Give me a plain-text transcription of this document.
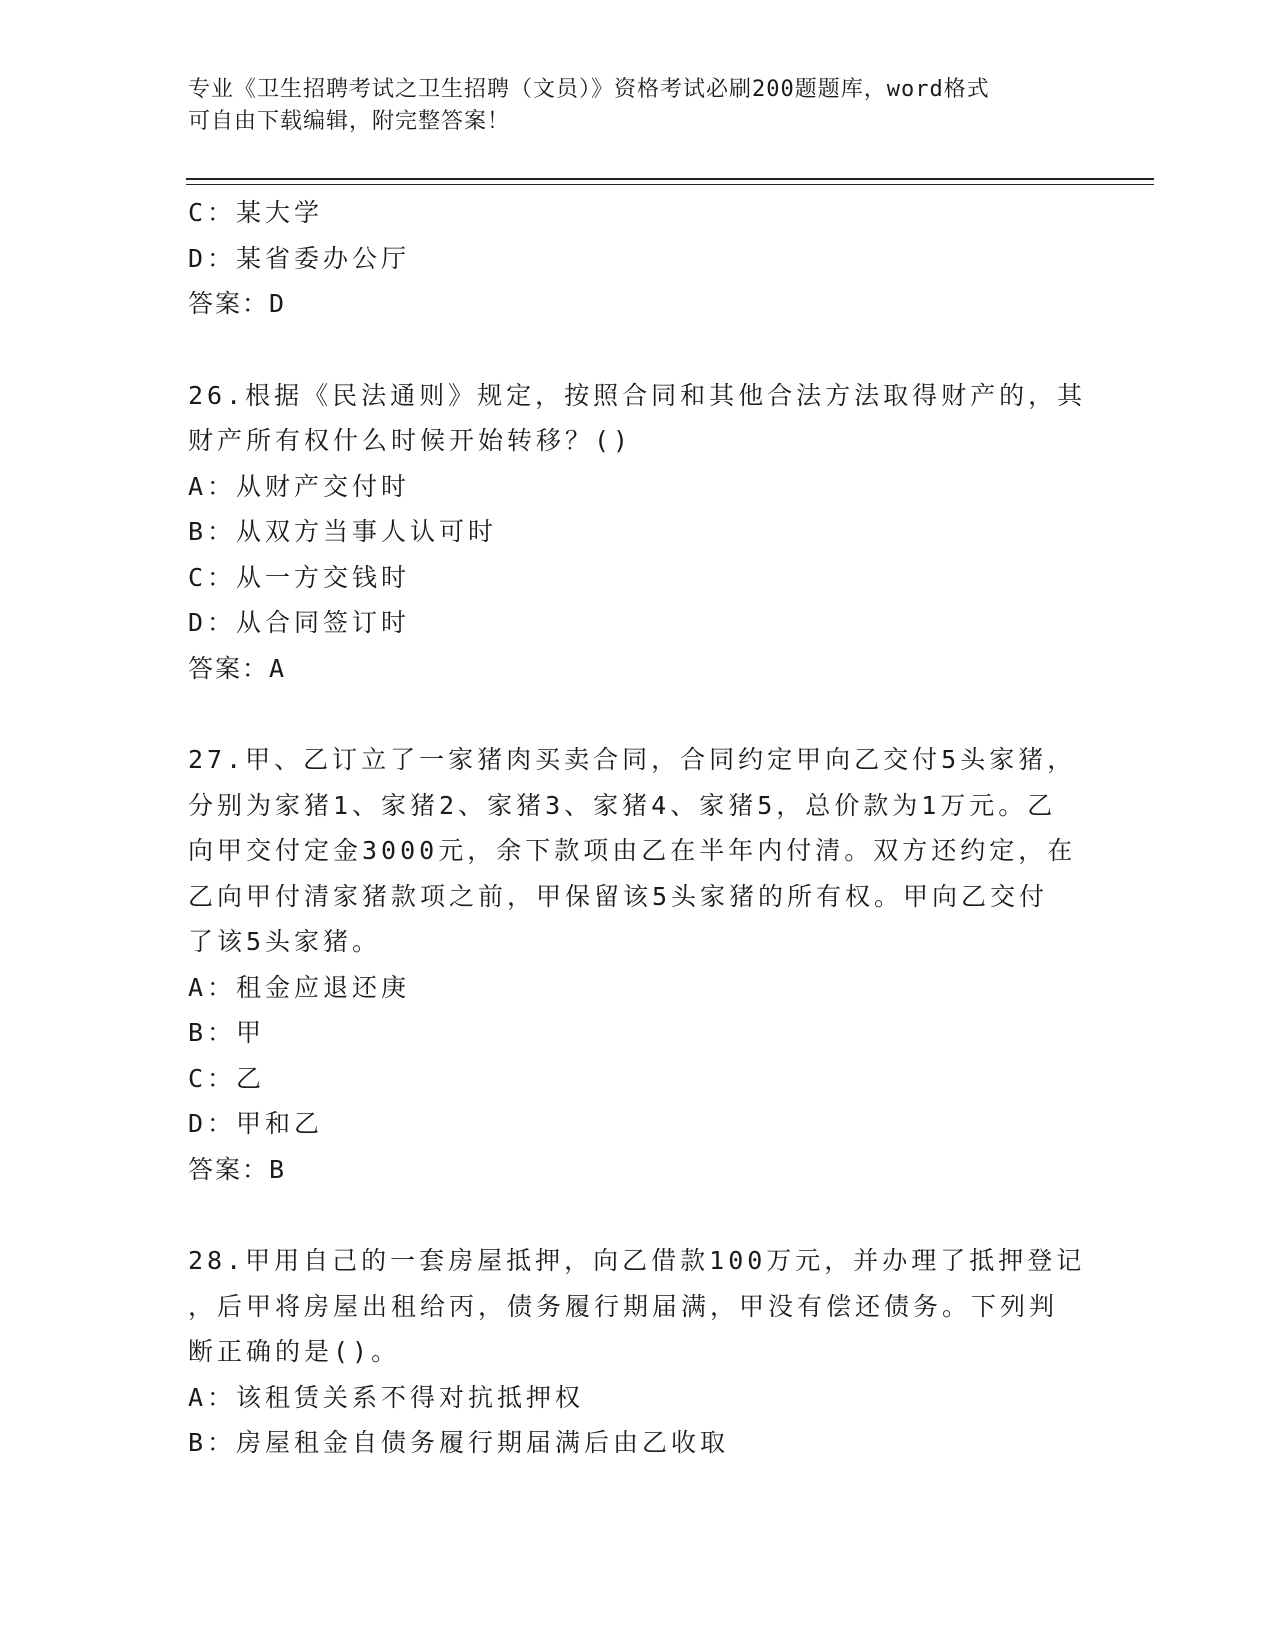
专业《卫生招聘考试之卫生招聘（文员）》资格考试必刷200题题库，word格式
可自由下载编辑，附完整答案！
C：某大学
D：某省委办公厅
答案：D
26.根据《民法通则》规定，按照合同和其他合法方法取得财产的，其
财产所有权什么时候开始转移？()
A：从财产交付时
B：从双方当事人认可时
C：从一方交钱时
D：从合同签订时
答案：A
27.甲、乙订立了一家猪肉买卖合同，合同约定甲向乙交付5头家猪，
分别为家猪1、家猪2、家猪3、家猪4、家猪5，总价款为1万元。乙
向甲交付定金3000元，余下款项由乙在半年内付清。双方还约定，在
乙向甲付清家猪款项之前，甲保留该5头家猪的所有权。甲向乙交付
了该5头家猪。
A：租金应退还庚
B：甲
C：乙
D：甲和乙
答案：B
28.甲用自己的一套房屋抵押，向乙借款100万元，并办理了抵押登记
，后甲将房屋出租给丙，债务履行期届满，甲没有偿还债务。下列判
断正确的是()。
A：该租赁关系不得对抗抵押权
B：房屋租金自债务履行期届满后由乙收取
